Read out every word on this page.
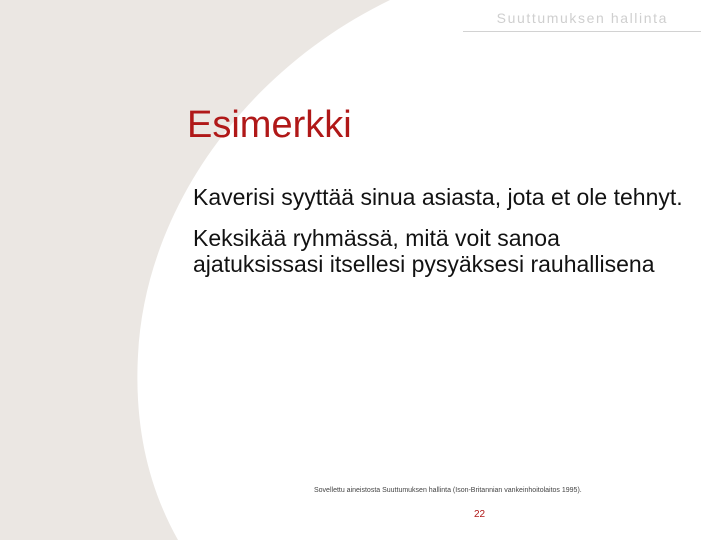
Suuttumuksen hallinta
Esimerkki

Kaverisi syyttää sinua asiasta, jota et ole tehnyt.

Keksikää ryhmässä, mitä voit sanoa ajatuksissasi itsellesi pysyäksesi rauhallisena

Sovellettu aineistosta Suuttumuksen hallinta (Ison-Britannian vankeinhoitolaitos 1995).
22
